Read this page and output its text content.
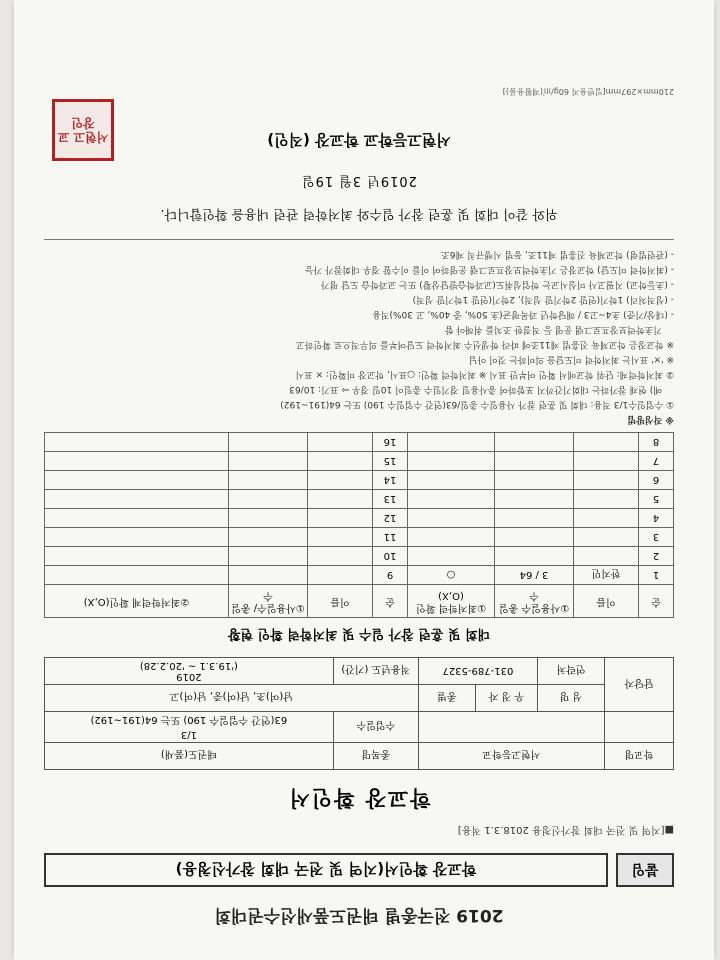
2019 전국종별 태권도품새선수권대회
붙임
학교장 확인서(지역 및 전국 대회 참가신청용)
■[지역 및 전국 대회 참가신청용 2018.3.1 적용]
학교장 확인서
학교명	서현고등학교			종목명	태권도(품새)
				수업일수	1/3
63(연간 수업일수 190) 또는 64(191~192)

담당자	성 명	우 정 자	종별	남(여)초, 남(여)중, 남(여)고	
	연락처	031-789-5327		적용년도 (기간)	2019
('19.3.1 ~ '20.2.28)
대회 및 훈련 참가 일수 및 최저학력 확인 현황
순	이름	①사용일수 총일수	①최저학력 확인(O,X)	순	이름	①사용일수/ 총일수	②최저학력제 확인(O,X)
1	한지민	3 / 64	○	9			
2				10			
3				11			
4				12			
5				13			
6				14			
7				15			
8				16			
※ 작성방법
① 수업일수1/3 적용: 대회 및 훈련 참가 사용일수 총일/63(연간 수업일수 190) 또는 64(191~192)
예) 현재 참가하는 대회기간까지 포함하여 총사용일 경기일수 총일이 10일 경우 ⇨ 표기: 10/63
② 최저학력제: 단위 학교에서 확인 여부만 표시 ※ 최저학력 확인: ○표시, 학교장 미확인: × 표시
※ '×' 표시는 최저학력 미도달을 의미하는 것이 아님
※ 학교장은 학교체육 진흥법 제11조에 따라 학생선수 최저학력 도달여부를 의무적으로 확인하고
기초학력보장프로그램 운영 등 적절한 조치를 취해야 함
- (대상/기준) 초4~고3 / 해당학년 과목평균(초 50%, 중 40%, 고 30%)적용
- (성적처리) 1학기(연말 2학기말 성적), 2학기(연말 1학기말 성적)
- (초등학교) 지필고사 미실시교는 학업성취도(교과학습발달상황) 또는 교과학습 도달 평가
- (최저학력 미도달) 학교장은 기초학력보장프로그램 운영하여 이를 이수할 경우 대회참가 가능
- (관련법령) 학교체육 진흥법 제11조, 동법 시행규칙 제6조
위와 같이 대회 및 훈련 참가 일수와 최저학력 관련 내용을 확인합니다.
2019년 3월 19일
서현고등학교 학교장 (직인)
서현고 교장인
210mm×297mm[일반용지 60g/㎡(재활용품)]
